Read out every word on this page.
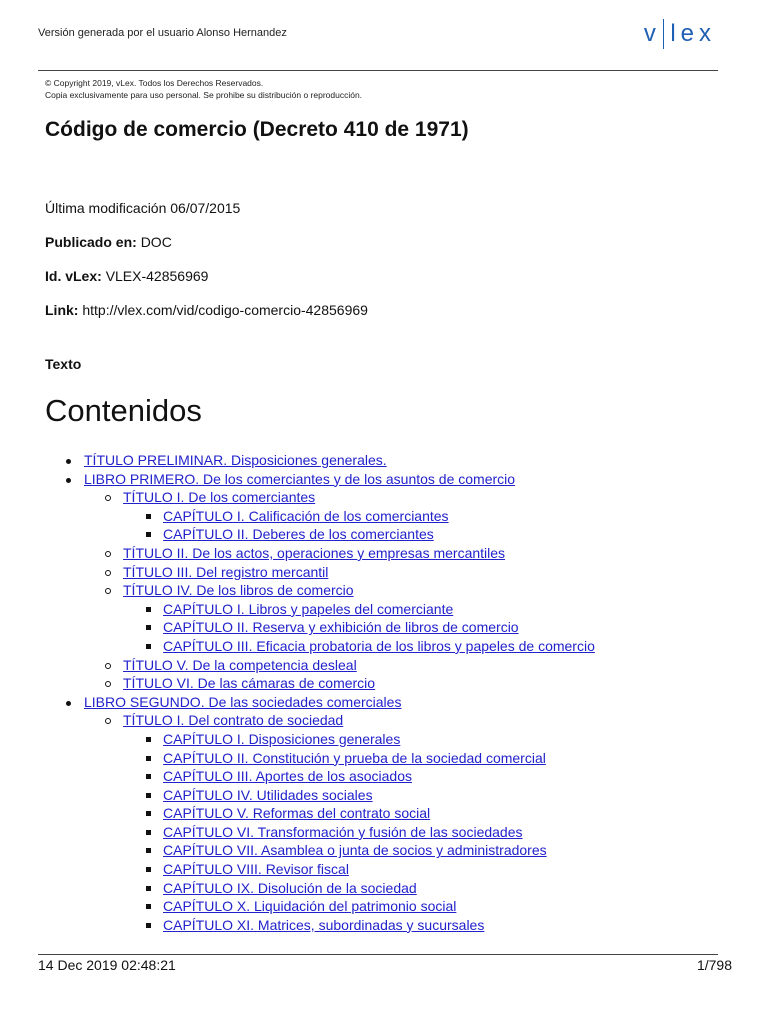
Versión generada por el usuario Alonso Hernandez	v lex
© Copyright 2019, vLex. Todos los Derechos Reservados.
Copia exclusivamente para uso personal. Se prohibe su distribución o reproducción.
Código de comercio (Decreto 410 de 1971)

Última modificación 06/07/2015

Publicado en: DOC

Id. vLex: VLEX-42856969

Link: http://vlex.com/vid/codigo-comercio-42856969

Texto

Contenidos
TÍTULO PRELIMINAR. Disposiciones generales.
LIBRO PRIMERO. De los comerciantes y de los asuntos de comercio
TÍTULO I. De los comerciantes
CAPÍTULO I. Calificación de los comerciantes
CAPÍTULO II. Deberes de los comerciantes
TÍTULO II. De los actos, operaciones y empresas mercantiles
TÍTULO III. Del registro mercantil
TÍTULO IV. De los libros de comercio
CAPÍTULO I. Libros y papeles del comerciante
CAPÍTULO II. Reserva y exhibición de libros de comercio
CAPÍTULO III. Eficacia probatoria de los libros y papeles de comercio
TÍTULO V. De la competencia desleal
TÍTULO VI. De las cámaras de comercio
LIBRO SEGUNDO. De las sociedades comerciales
TÍTULO I. Del contrato de sociedad
CAPÍTULO I. Disposiciones generales
CAPÍTULO II. Constitución y prueba de la sociedad comercial
CAPÍTULO III. Aportes de los asociados
CAPÍTULO IV. Utilidades sociales
CAPÍTULO V. Reformas del contrato social
CAPÍTULO VI. Transformación y fusión de las sociedades
CAPÍTULO VII. Asamblea o junta de socios y administradores
CAPÍTULO VIII. Revisor fiscal
CAPÍTULO IX. Disolución de la sociedad
CAPÍTULO X. Liquidación del patrimonio social
CAPÍTULO XI. Matrices, subordinadas y sucursales
14 Dec 2019 02:48:21	1/798
